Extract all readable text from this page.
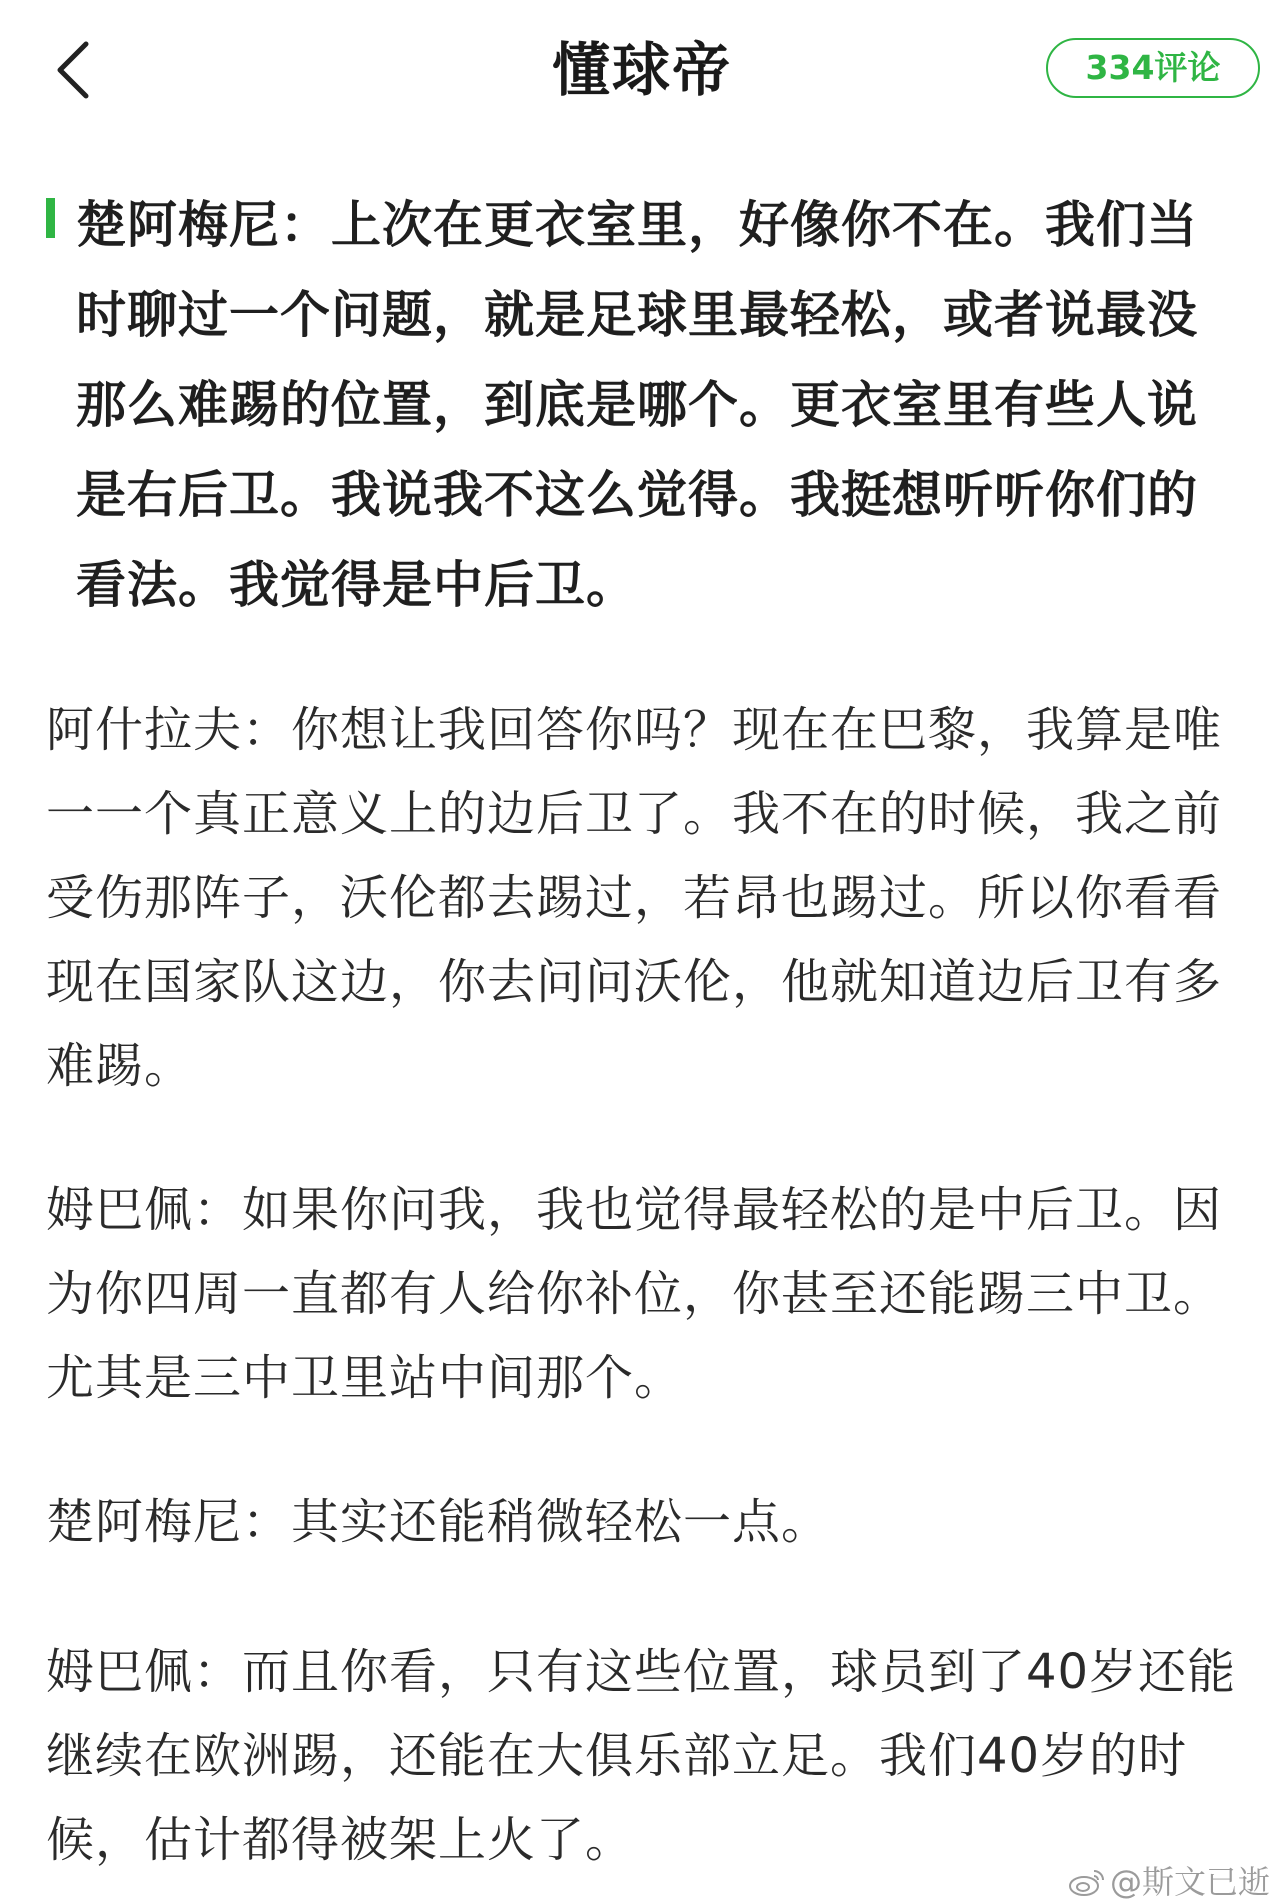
懂球帝	334评论
楚阿梅尼：上次在更衣室里，好像你不在。我们当时聊过一个问题，就是足球里最轻松，或者说最没那么难踢的位置，到底是哪个。更衣室里有些人说是右后卫。我说我不这么觉得。我挺想听听你们的看法。我觉得是中后卫。
阿什拉夫：你想让我回答你吗？现在在巴黎，我算是唯一一个真正意义上的边后卫了。我不在的时候，我之前受伤那阵子，沃伦都去踢过，若昂也踢过。所以你看看现在国家队这边，你去问问沃伦，他就知道边后卫有多难踢。
姆巴佩：如果你问我，我也觉得最轻松的是中后卫。因为你四周一直都有人给你补位，你甚至还能踢三中卫。尤其是三中卫里站中间那个。
楚阿梅尼：其实还能稍微轻松一点。
姆巴佩：而且你看，只有这些位置，球员到了40岁还能继续在欧洲踢，还能在大俱乐部立足。我们40岁的时候，估计都得被架上火了。
@斯文已逝
